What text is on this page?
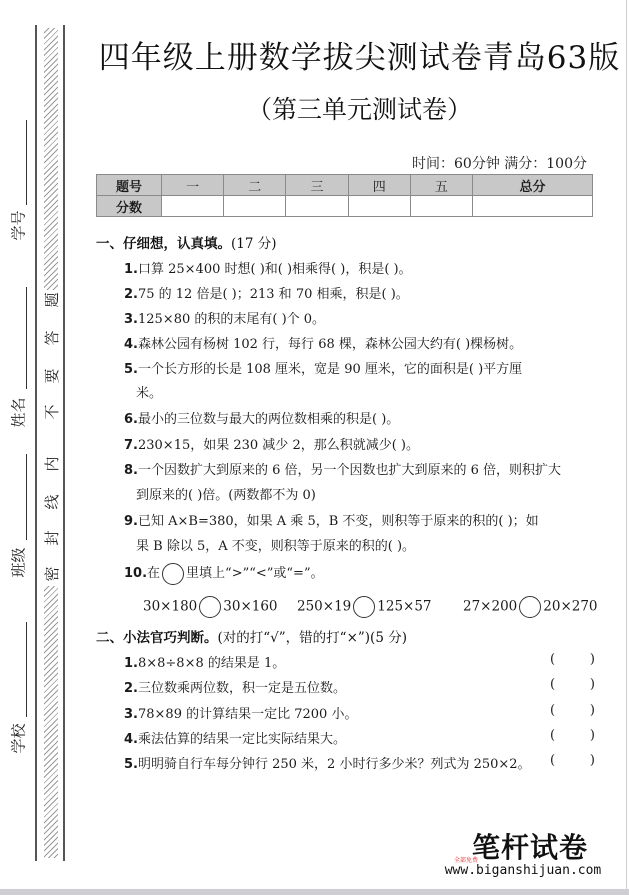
题
答
要
不
内
线
封
密
学号
姓名
班级
学校
四年级上册数学拔尖测试卷青岛63版
（第三单元测试卷）
时间：60分钟 满分：100分
题号	一	二	三	四	五	总分
分数						
一、仔细想，认真填。(17 分)
1.口算 25×400 时想( )和( )相乘得( )，积是( )。
2.75 的 12 倍是( )；213 和 70 相乘，积是( )。
3.125×80 的积的末尾有( )个 0。
4.森林公园有杨树 102 行，每行 68 棵，森林公园大约有( )棵杨树。
5.一个长方形的长是 108 厘米，宽是 90 厘米，它的面积是( )平方厘
米。
6.最小的三位数与最大的两位数相乘的积是( )。
7.230×15，如果 230 减少 2，那么积就减少( )。
8.一个因数扩大到原来的 6 倍，另一个因数也扩大到原来的 6 倍，则积扩大
到原来的( )倍。(两数都不为 0)
9.已知 A×B=380，如果 A 乘 5，B 不变，则积等于原来的积的( )；如
果 B 除以 5，A 不变，则积等于原来的积的( )。
10.在 里填上“>”“<”或“=”。
30×180 30×160 250×19 125×57 27×200 20×270
二、小法官巧判断。(对的打“√”，错的打“×”)(5 分)
1.8×8÷8×8 的结果是 1。	(	)
2.三位数乘两位数，积一定是五位数。	(	)
3.78×89 的计算结果一定比 7200 小。	(	)
4.乘法估算的结果一定比实际结果大。	(	)
5.明明骑自行车每分钟行 250 米，2 小时行多少米？列式为 250×2。 (	)
全部免费
笔杆试卷
www.biganshijuan.com
